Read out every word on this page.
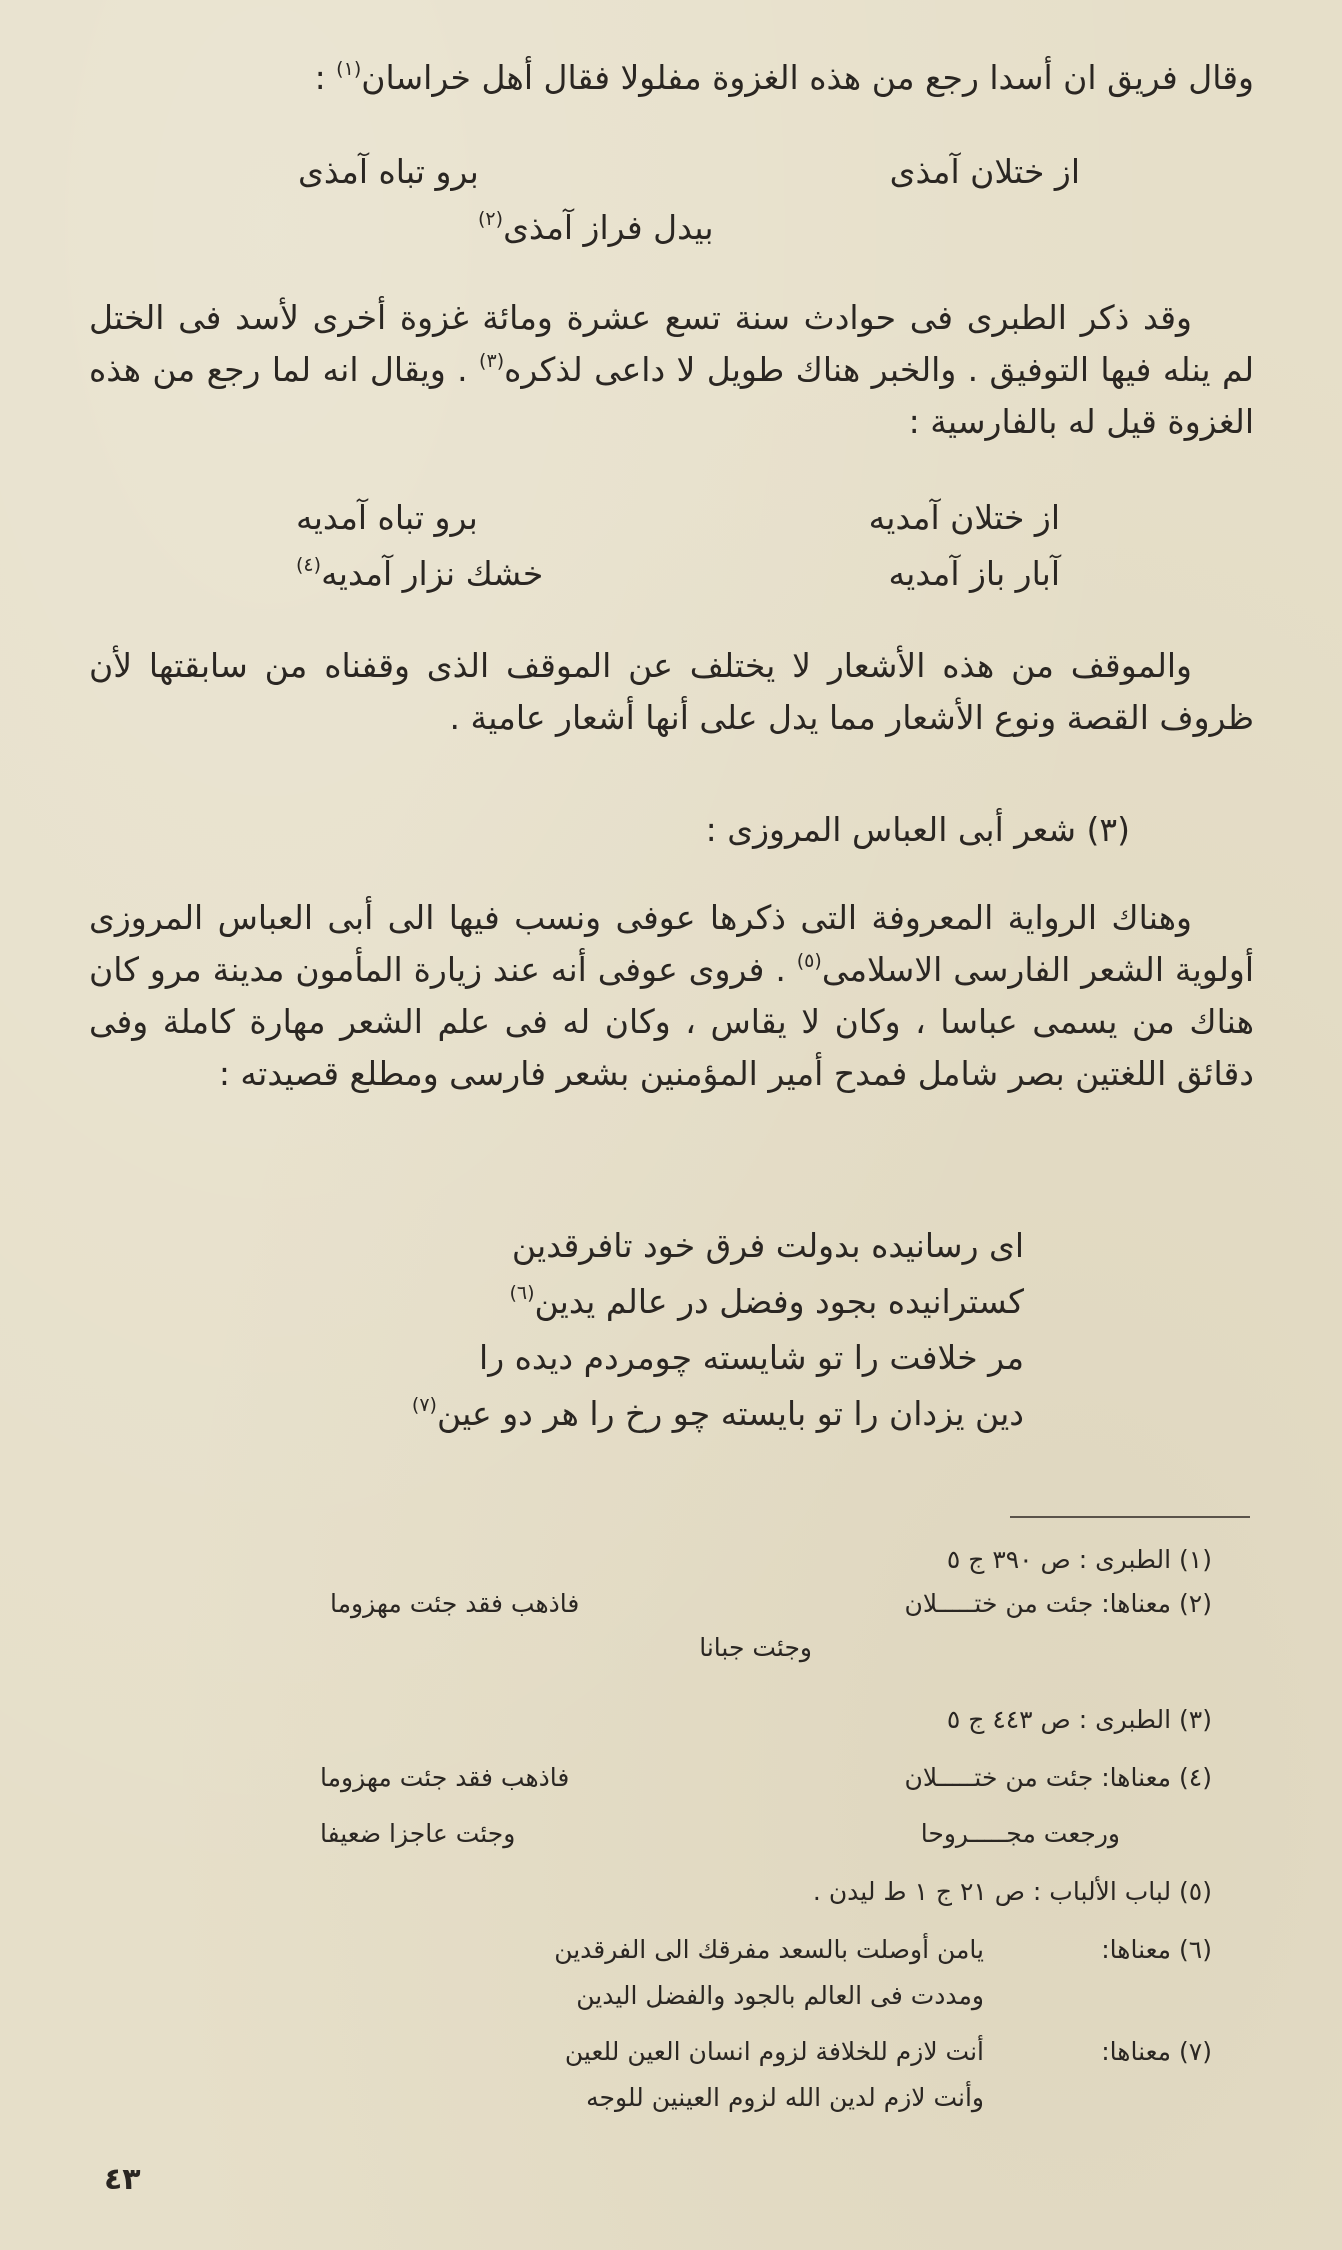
وقال فريق ان أسدا رجع من هذه الغزوة مفلولا فقال أهل خراسان$^{(١)}$ :
از ختلان آمذی
برو تباه آمذی
بيدل فراز آمذی$^{(٢)}$
وقد ذكر الطبرى فى حوادث سنة تسع عشرة ومائة غزوة أخرى لأسد فى الختل لم ينله فيها التوفيق . والخبر هناك طويل لا داعى لذكره$^{(٣)}$ . ويقال انه لما رجع من هذه الغزوة قيل له بالفارسية :
از ختلان آمديه
برو تباه آمديه
آبار باز آمديه
خشك نزار آمديه$^{(٤)}$
والموقف من هذه الأشعار لا يختلف عن الموقف الذى وقفناه من سابقتها لأن ظروف القصة ونوع الأشعار مما يدل على أنها أشعار عامية .
(٣) شعر أبى العباس المروزى :
وهناك الرواية المعروفة التى ذكرها عوفى ونسب فيها الى أبى العباس المروزى أولوية الشعر الفارسى الاسلامى$^{(٥)}$ . فروى عوفى أنه عند زيارة المأمون مدينة مرو كان هناك من يسمى عباسا ، وكان لا يقاس ، وكان له فى علم الشعر مهارة كاملة وفى دقائق اللغتين بصر شامل فمدح أمير المؤمنين بشعر فارسى ومطلع قصيدته :
اى رسانيده بدولت فرق خود تافرقدين
كسترانيده بجود وفضل در عالم يدين$^{(٦)}$
مر خلافت را تو شايسته چومردم ديده را
دين يزدان را تو بايسته چو رخ را هر دو عين$^{(٧)}$
(١) الطبرى : ص ٣٩٠ ج ٥
(٢) معناها: جئت من ختـــــلان
فاذهب فقد جئت مهزوما
وجئت جبانا
(٣) الطبرى : ص ٤٤٣ ج ٥
(٤) معناها: جئت من ختـــــلان
فاذهب فقد جئت مهزوما
ورجعت مجـــــروحا
وجئت عاجزا ضعيفا
(٥) لباب الألباب : ص ٢١ ج ١ ط ليدن .
(٦) معناها:
يامن أوصلت بالسعد مفرقك الى الفرقدين
ومددت فى العالم بالجود والفضل اليدين
(٧) معناها:
أنت لازم للخلافة لزوم انسان العين للعين
وأنت لازم لدين الله لزوم العينين للوجه
٤٣
